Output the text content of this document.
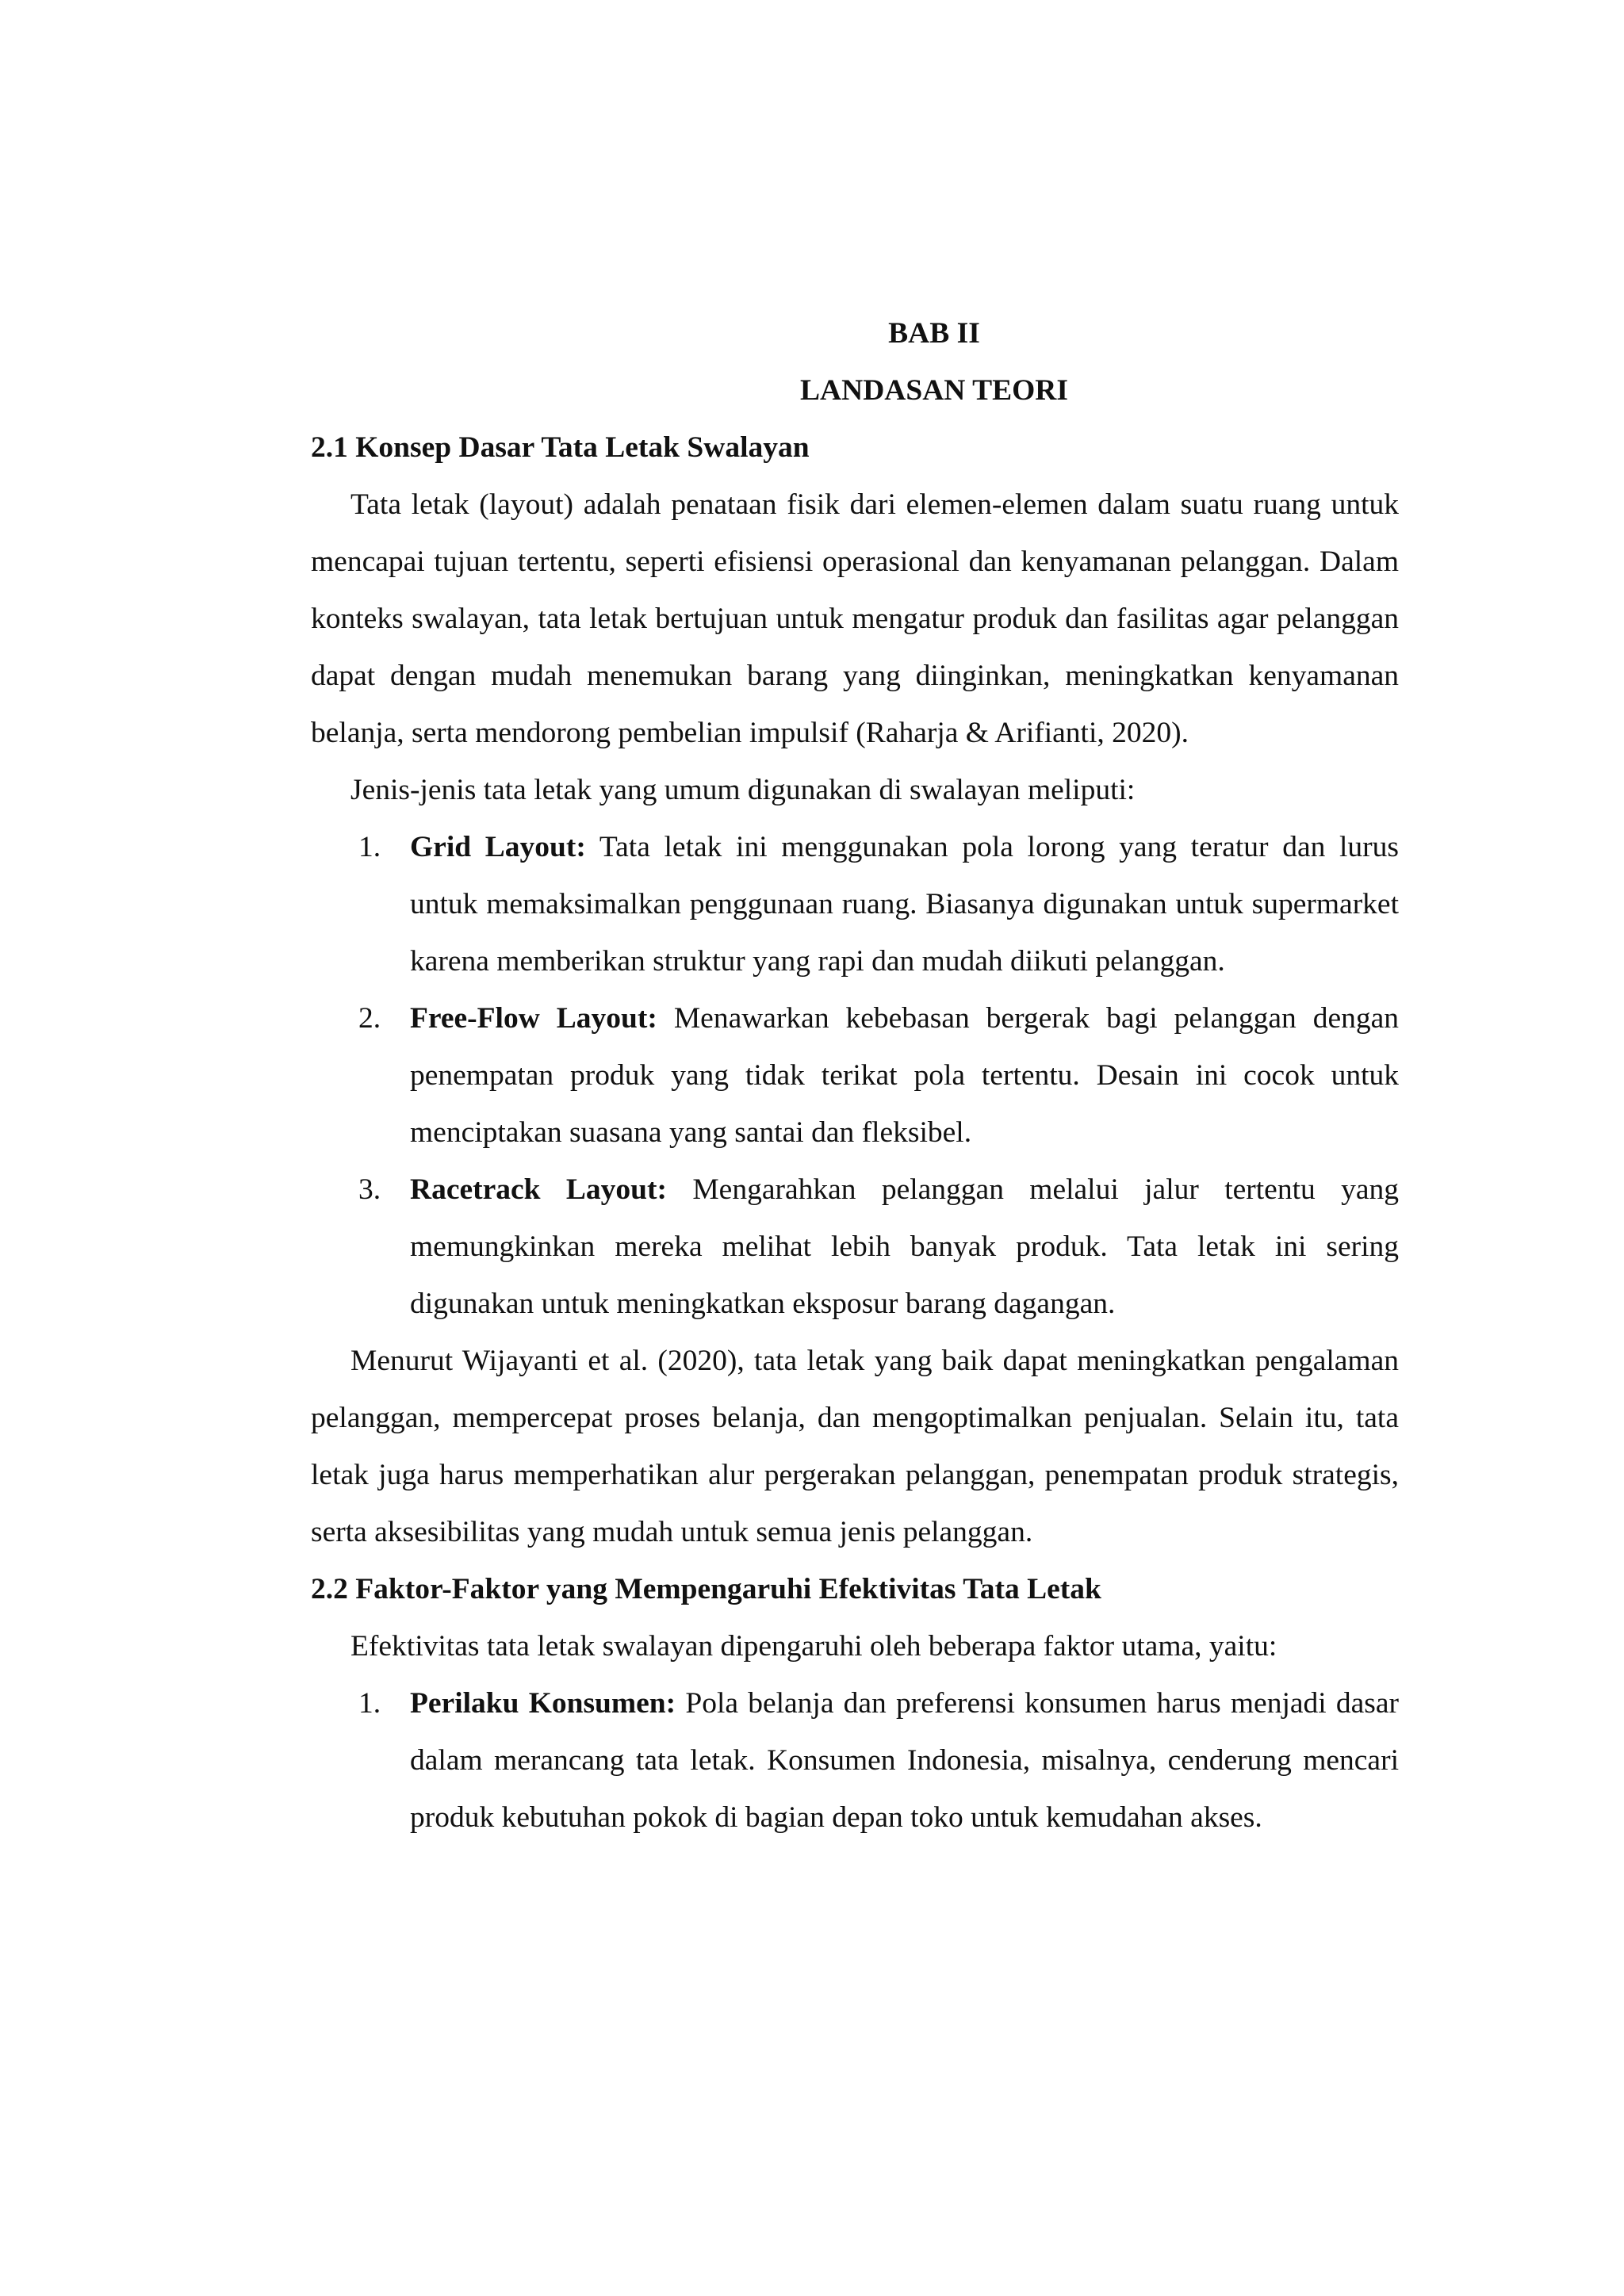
BAB II
LANDASAN TEORI
2.1 Konsep Dasar Tata Letak Swalayan

Tata letak (layout) adalah penataan fisik dari elemen-elemen dalam suatu ruang untuk mencapai tujuan tertentu, seperti efisiensi operasional dan kenyamanan pelanggan. Dalam konteks swalayan, tata letak bertujuan untuk mengatur produk dan fasilitas agar pelanggan dapat dengan mudah menemukan barang yang diinginkan, meningkatkan kenyamanan belanja, serta mendorong pembelian impulsif (Raharja & Arifianti, 2020).

Jenis-jenis tata letak yang umum digunakan di swalayan meliputi:

1. Grid Layout: Tata letak ini menggunakan pola lorong yang teratur dan lurus untuk memaksimalkan penggunaan ruang. Biasanya digunakan untuk supermarket karena memberikan struktur yang rapi dan mudah diikuti pelanggan.
2. Free-Flow Layout: Menawarkan kebebasan bergerak bagi pelanggan dengan penempatan produk yang tidak terikat pola tertentu. Desain ini cocok untuk menciptakan suasana yang santai dan fleksibel.
3. Racetrack Layout: Mengarahkan pelanggan melalui jalur tertentu yang memungkinkan mereka melihat lebih banyak produk. Tata letak ini sering digunakan untuk meningkatkan eksposur barang dagangan.

Menurut Wijayanti et al. (2020), tata letak yang baik dapat meningkatkan pengalaman pelanggan, mempercepat proses belanja, dan mengoptimalkan penjualan. Selain itu, tata letak juga harus memperhatikan alur pergerakan pelanggan, penempatan produk strategis, serta aksesibilitas yang mudah untuk semua jenis pelanggan.

2.2 Faktor-Faktor yang Mempengaruhi Efektivitas Tata Letak

Efektivitas tata letak swalayan dipengaruhi oleh beberapa faktor utama, yaitu:

1. Perilaku Konsumen: Pola belanja dan preferensi konsumen harus menjadi dasar dalam merancang tata letak. Konsumen Indonesia, misalnya, cenderung mencari produk kebutuhan pokok di bagian depan toko untuk kemudahan akses.
